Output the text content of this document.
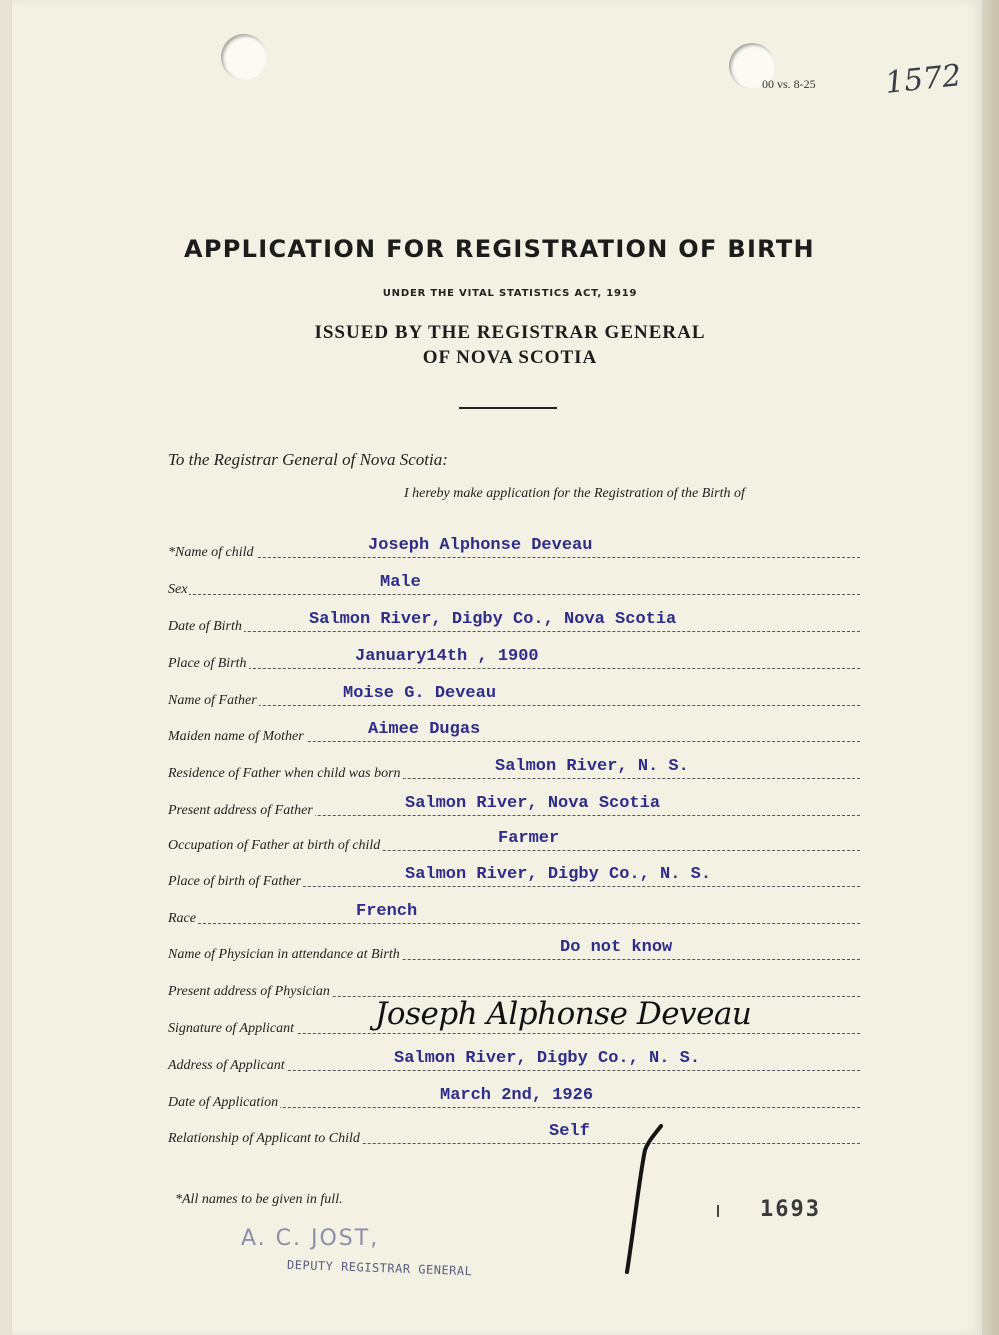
00 vs. 8-25 1572
APPLICATION FOR REGISTRATION OF BIRTH
UNDER THE VITAL STATISTICS ACT, 1919
ISSUED BY THE REGISTRAR GENERAL
OF NOVA SCOTIA
To the Registrar General of Nova Scotia:
I hereby make application for the Registration of the Birth of
*Name of child	Joseph Alphonse Deveau
Sex	Male
Date of Birth	Salmon River, Digby Co., Nova Scotia
Place of Birth	January14th , 1900
Name of Father	Moise G. Deveau
Maiden name of Mother	Aimee Dugas
Residence of Father when child was born	Salmon River, N. S.
Present address of Father	Salmon River, Nova Scotia
Occupation of Father at birth of child	Farmer
Place of birth of Father	Salmon River, Digby Co., N. S.
Race	French
Name of Physician in attendance at Birth	Do not know
Present address of Physician
Signature of Applicant	Joseph Alphonse Deveau
Address of Applicant	Salmon River, Digby Co., N. S.
Date of Application	March 2nd, 1926
Relationship of Applicant to Child	Self
*All names to be given in full.
A. C. JOST,
DEPUTY REGISTRAR GENERAL
1693
